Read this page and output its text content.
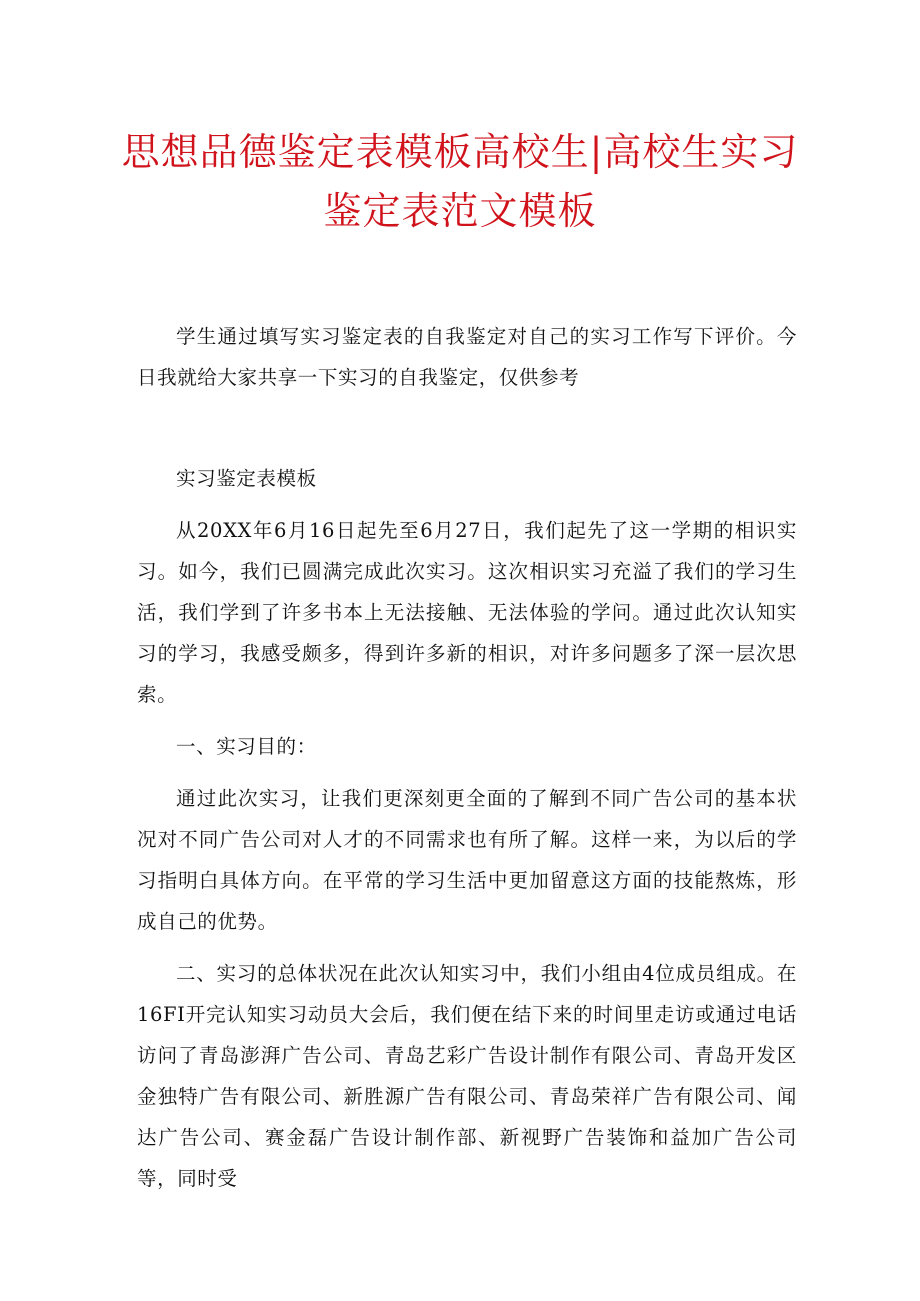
思想品德鉴定表模板高校生|高校生实习
鉴定表范文模板

学生通过填写实习鉴定表的自我鉴定对自己的实习工作写下评价。今日我就给大家共享一下实习的自我鉴定，仅供参考

实习鉴定表模板

从20XX年6月16日起先至6月27日，我们起先了这一学期的相识实习。如今，我们已圆满完成此次实习。这次相识实习充溢了我们的学习生活，我们学到了许多书本上无法接触、无法体验的学问。通过此次认知实习的学习，我感受颇多，得到许多新的相识，对许多问题多了深一层次思索。

一、实习目的：

通过此次实习，让我们更深刻更全面的了解到不同广告公司的基本状况对不同广告公司对人才的不同需求也有所了解。这样一来，为以后的学习指明白具体方向。在平常的学习生活中更加留意这方面的技能熬炼，形成自己的优势。

二、实习的总体状况在此次认知实习中，我们小组由4位成员组成。在16FI开完认知实习动员大会后，我们便在结下来的时间里走访或通过电话访问了青岛澎湃广告公司、青岛艺彩广告设计制作有限公司、青岛开发区金独特广告有限公司、新胜源广告有限公司、青岛荣祥广告有限公司、闻达广告公司、赛金磊广告设计制作部、新视野广告装饰和益加广告公司等，同时受
